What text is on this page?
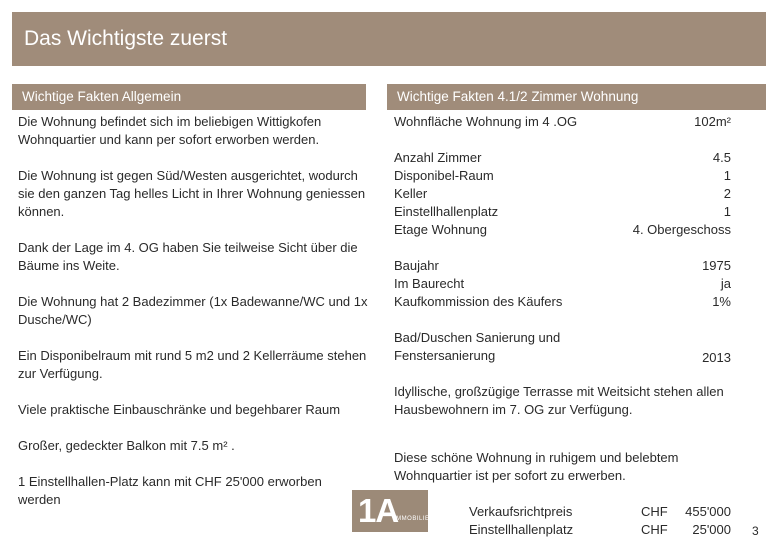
Das Wichtigste zuerst
Wichtige Fakten Allgemein	Wichtige Fakten 4.1/2 Zimmer Wohnung
Die Wohnung befindet sich im beliebigen Wittigkofen Wohnquartier und kann per sofort erworben werden.
Die Wohnung ist gegen Süd/Westen ausgerichtet, wodurch sie den ganzen Tag helles Licht in Ihrer Wohnung geniessen können.
Dank der Lage im 4. OG haben Sie teilweise Sicht über die Bäume ins Weite.
Die Wohnung hat 2 Badezimmer (1x Badewanne/WC und 1x Dusche/WC)
Ein Disponibelraum mit rund 5 m2 und 2 Kellerräume stehen zur Verfügung.
Viele praktische Einbauschränke und begehbarer Raum
Großer, gedeckter Balkon mit 7.5 m² .
1 Einstellhallen-Platz kann mit CHF 25'000 erworben werden
Wohnfläche Wohnung im 4 .OG	102m²
Anzahl Zimmer	4.5
Disponibel-Raum	1
Keller	2
Einstellhallenplatz	1
Etage Wohnung	4. Obergeschoss
Baujahr	1975
Im Baurecht	ja
Kaufkommission des Käufers	1%
Bad/Duschen Sanierung und
Fenstersanierung	2013
Idyllische, großzügige Terrasse mit Weitsicht stehen allen Hausbewohnern im 7. OG zur Verfügung.
Diese schöne Wohnung in ruhigem und belebtem Wohnquartier ist per sofort zu erwerben.
1A
IMMOBILIEN	Verkaufsrichtpreis	CHF 455'000
Einstellhallenplatz	CHF 25'000 3
